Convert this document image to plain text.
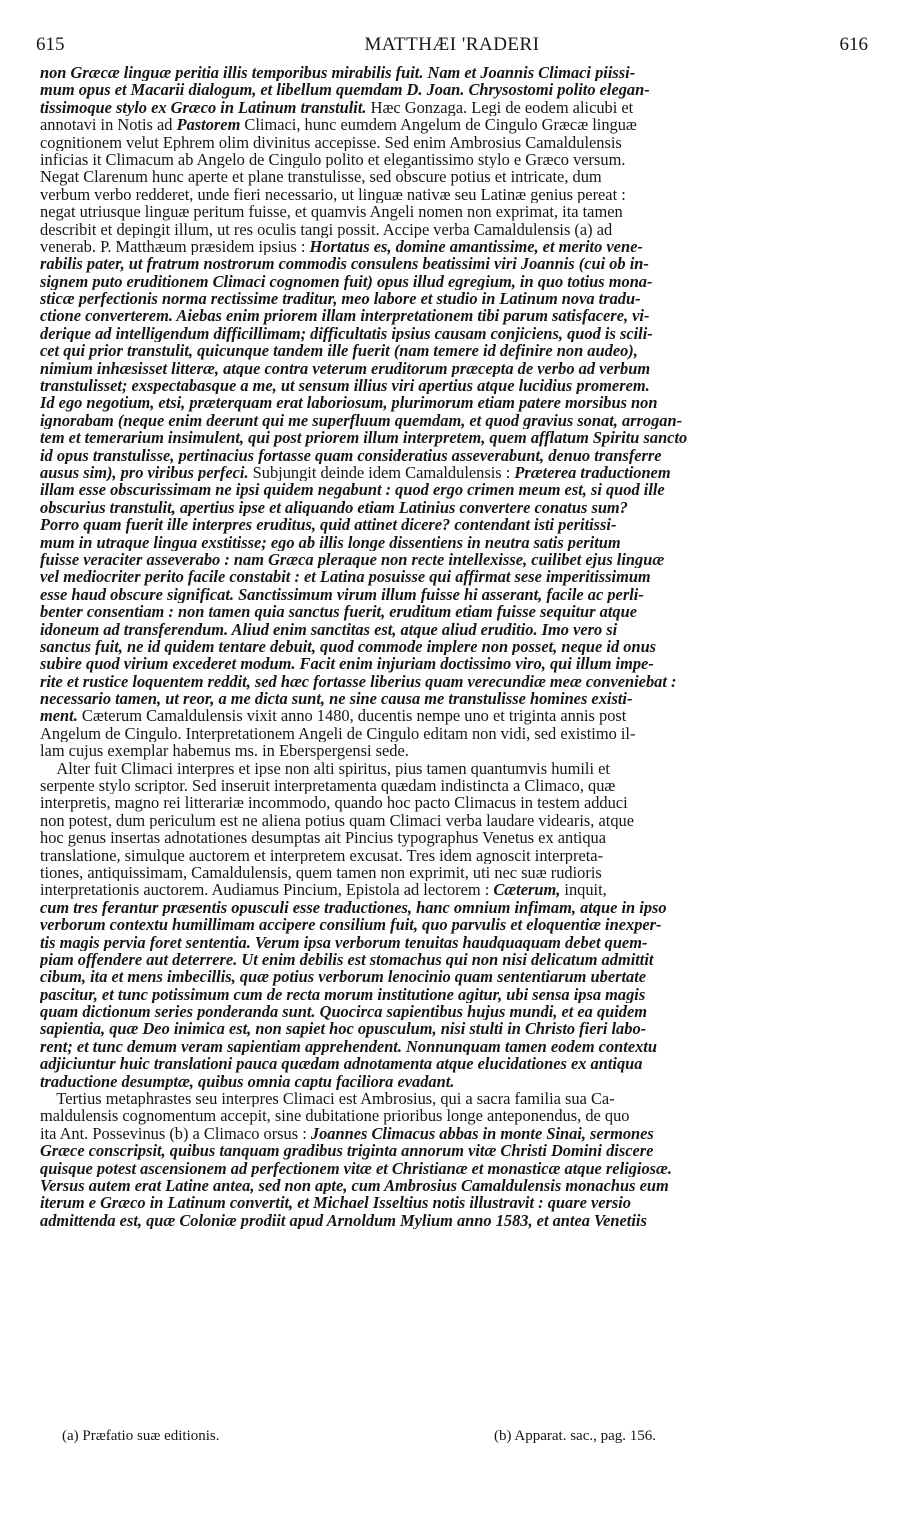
615	MATTHÆI 'RADERI	616
non Græcæ linguæ peritia illis temporibus mirabilis fuit. Nam et Joannis Climaci piissi-
mum opus et Macarii dialogum, et libellum quemdam D. Joan. Chrysostomi polito elegan-
tissimoque stylo ex Græco in Latinum transtulit. Hæc Gonzaga. Legi de eodem alicubi et
annotavi in Notis ad Pastorem Climaci, hunc eumdem Angelum de Cingulo Græcæ linguæ
cognitionem velut Ephrem olim divinitus accepisse. Sed enim Ambrosius Camaldulensis
inficias it Climacum ab Angelo de Cingulo polito et elegantissimo stylo e Græco versum.
Negat Clarenum hunc aperte et plane transtulisse, sed obscure potius et intricate, dum
verbum verbo redderet, unde fieri necessario, ut linguæ nativæ seu Latinæ genius pereat :
negat utriusque linguæ peritum fuisse, et quamvis Angeli nomen non exprimat, ita tamen
describit et depingit illum, ut res oculis tangi possit. Accipe verba Camaldulensis (a) ad
venerab. P. Matthæum præsidem ipsius : Hortatus es, domine amantissime, et merito vene-
rabilis pater, ut fratrum nostrorum commodis consulens beatissimi viri Joannis (cui ob in-
signem puto eruditionem Climaci cognomen fuit) opus illud egregium, in quo totius mona-
sticæ perfectionis norma rectissime traditur, meo labore et studio in Latinum nova tradu-
ctione converterem. Aiebas enim priorem illam interpretationem tibi parum satisfacere, vi-
derique ad intelligendum difficillimam; difficultatis ipsius causam conjiciens, quod is scili-
cet qui prior transtulit, quicunque tandem ille fuerit (nam temere id definire non audeo),
nimium inhæsisset litteræ, atque contra veterum eruditorum præcepta de verbo ad verbum
transtulisset; exspectabasque a me, ut sensum illius viri apertius atque lucidius promerem.
Id ego negotium, etsi, præterquam erat laboriosum, plurimorum etiam patere morsibus non
ignorabam (neque enim deerunt qui me superfluum quemdam, et quod gravius sonat, arrogan-
tem et temerarium insimulent, qui post priorem illum interpretem, quem afflatum Spiritu sancto
id opus transtulisse, pertinacius fortasse quam consideratius asseverabunt, denuo transferre
ausus sim), pro viribus perfeci. Subjungit deinde idem Camaldulensis : Præterea traductionem
illam esse obscurissimam ne ipsi quidem negabunt : quod ergo crimen meum est, si quod ille
obscurius transtulit, apertius ipse et aliquando etiam Latinius convertere conatus sum?
Porro quam fuerit ille interpres eruditus, quid attinet dicere? contendant isti peritissi-
mum in utraque lingua exstitisse; ego ab illis longe dissentiens in neutra satis peritum
fuisse veraciter asseverabo : nam Græca pleraque non recte intellexisse, cuilibet ejus linguæ
vel mediocriter perito facile constabit : et Latina posuisse qui affirmat sese imperitissimum
esse haud obscure significat. Sanctissimum virum illum fuisse hi asserant, facile ac perli-
benter consentiam : non tamen quia sanctus fuerit, eruditum etiam fuisse sequitur atque
idoneum ad transferendum. Aliud enim sanctitas est, atque aliud eruditio. Imo vero si
sanctus fuit, ne id quidem tentare debuit, quod commode implere non posset, neque id onus
subire quod virium excederet modum. Facit enim injuriam doctissimo viro, qui illum impe-
rite et rustice loquentem reddit, sed hæc fortasse liberius quam verecundiæ meæ conveniebat :
necessario tamen, ut reor, a me dicta sunt, ne sine causa me transtulisse homines existi-
ment. Cæterum Camaldulensis vixit anno 1480, ducentis nempe uno et triginta annis post
Angelum de Cingulo. Interpretationem Angeli de Cingulo editam non vidi, sed existimo il-
lam cujus exemplar habemus ms. in Eberspergensi sede.
Alter fuit Climaci interpres et ipse non alti spiritus, pius tamen quantumvis humili et
serpente stylo scriptor. Sed inseruit interpretamenta quædam indistincta a Climaco, quæ
interpretis, magno rei litterariæ incommodo, quando hoc pacto Climacus in testem adduci
non potest, dum periculum est ne aliena potius quam Climaci verba laudare videaris, atque
hoc genus insertas adnotationes desumptas ait Pincius typographus Venetus ex antiqua
translatione, simulque auctorem et interpretem excusat. Tres idem agnoscit interpreta-
tiones, antiquissimam, Camaldulensis, quem tamen non exprimit, uti nec suæ rudioris
interpretationis auctorem. Audiamus Pincium, Epistola ad lectorem : Cæterum, inquit,
cum tres ferantur præsentis opusculi esse traductiones, hanc omnium infimam, atque in ipso
verborum contextu humillimam accipere consilium fuit, quo parvulis et eloquentiæ inexper-
tis magis pervia foret sententia. Verum ipsa verborum tenuitas haudquaquam debet quem-
piam offendere aut deterrere. Ut enim debilis est stomachus qui non nisi delicatum admittit
cibum, ita et mens imbecillis, quæ potius verborum lenocinio quam sententiarum ubertate
pascitur, et tunc potissimum cum de recta morum institutione agitur, ubi sensa ipsa magis
quam dictionum series ponderanda sunt. Quocirca sapientibus hujus mundi, et ea quidem
sapientia, quæ Deo inimica est, non sapiet hoc opusculum, nisi stulti in Christo fieri labo-
rent; et tunc demum veram sapientiam apprehendent. Nonnunquam tamen eodem contextu
adjiciuntur huic translationi pauca quædam adnotamenta atque elucidationes ex antiqua
traductione desumptæ, quibus omnia captu faciliora evadant.
Tertius metaphrastes seu interpres Climaci est Ambrosius, qui a sacra familia sua Ca-
maldulensis cognomentum accepit, sine dubitatione prioribus longe anteponendus, de quo
ita Ant. Possevinus (b) a Climaco orsus : Joannes Climacus abbas in monte Sinai, sermones
Græce conscripsit, quibus tanquam gradibus triginta annorum vitæ Christi Domini discere
quisque potest ascensionem ad perfectionem vitæ et Christianæ et monasticæ atque religiosæ.
Versus autem erat Latine antea, sed non apte, cum Ambrosius Camaldulensis monachus eum
iterum e Græco in Latinum convertit, et Michael Isseltius notis illustravit : quare versio
admittenda est, quæ Coloniæ prodiit apud Arnoldum Mylium anno 1583, et antea Venetiis
(a) Præfatio suæ editionis.	(b) Apparat. sac., pag. 156.
